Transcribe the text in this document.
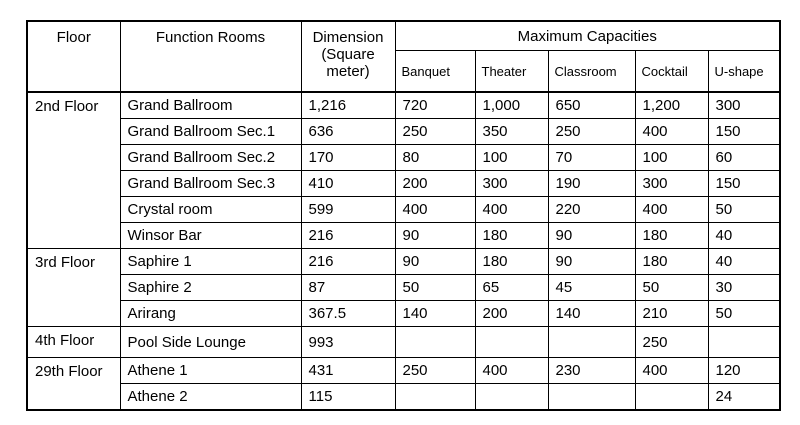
Floor	Function Rooms	Dimension (Square meter)	Maximum Capacities				
			Banquet	Theater	Classroom	Cocktail	U-shape
2nd Floor	Grand Ballroom	1,216	720	1,000	650	1,200	300
	Grand Ballroom Sec.1	636	250	350	250	400	150
	Grand Ballroom Sec.2	170	80	100	70	100	60
	Grand Ballroom Sec.3	410	200	300	190	300	150
	Crystal room	599	400	400	220	400	50
	Winsor Bar	216	90	180	90	180	40
3rd Floor	Saphire 1	216	90	180	90	180	40
	Saphire 2	87	50	65	45	50	30
	Arirang	367.5	140	200	140	210	50
4th Floor	Pool Side Lounge	993				250	
29th Floor	Athene 1	431	250	400	230	400	120
	Athene 2	115					24
